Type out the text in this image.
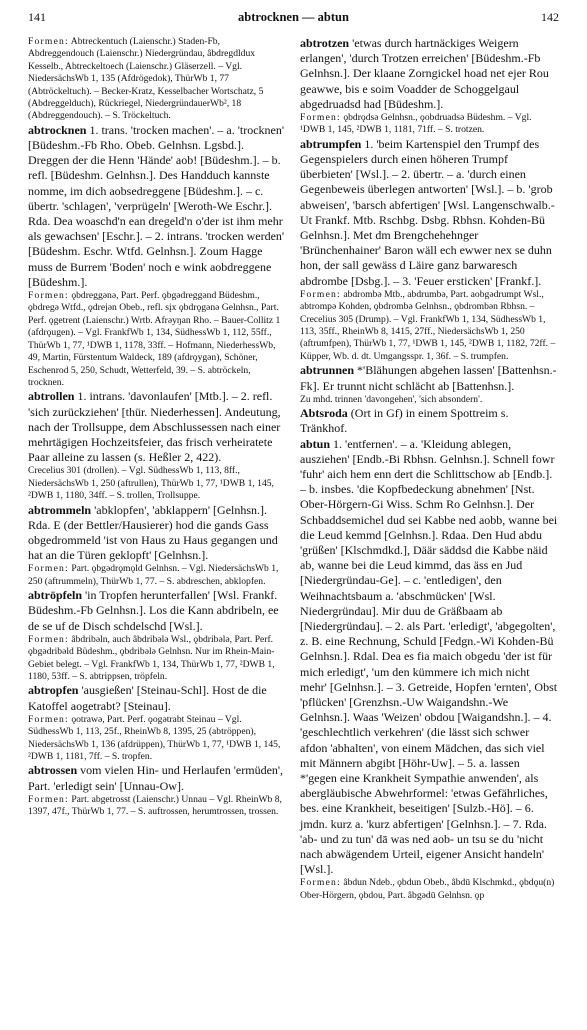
141	abtrocknen — abtun	142

Formen: Abtreckentuch (Laienschr.) Staden-Fb, Abdreggendouch (Laienschr.) Niedergründau, âbdregdldux Kesselb., Abtreckeltoech (Laienschr.) Gläserzell. – Vgl. NiedersächsWb 1, 135 (Afdrögedok), ThürWb 1, 77 (Abtröckeltuch). – Becker-Kratz, Kesselbacher Wortschatz, 5 (Abdreggelduch), Rückriegel, NiedergründauerWb², 18 (Abdreggendouch). – S. Tröckeltuch.

abtrocknen 1. trans. 'trocken machen'. – a. 'trocknen' [Büdeshm.-Fb Rho. Obeb. Gelnhsn. Lgsbd.]. Dreggen der die Henn 'Hände' aob! [Büdeshm.]. – b. refl. [Büdeshm. Gelnhsn.]. Des Handduch kannste nomme, im dich aobsedreggene [Büdeshm.]. – c. übertr. 'schlagen', 'verprügeln' [Weroth-We Eschr.]. Rda. Dea woaschd'n ean dregeld'n o'der ist ihm mehr als gewachsen' [Eschr.]. – 2. intrans. 'trocken werden' [Büdeshm. Eschr. Wtfd. Gelnhsn.]. Zoum Hagge muss de Burrem 'Boden' noch e wink aobdreggene [Büdeshm.].

Formen: ǫbdreggənə, Part. Perf. ǫbgədreggənd Büdeshm., ǫbdregə Wtfd., ǫdrejən Obeb., refl. sįx ǫbdrǫgənə Gelnhsn., Part. Perf. ǫgetrent (Laienschr.) Wrtb. Afrəyŋan Rho. – Bauer-Collitz 1 (afdrǫugen). – Vgl. FrankfWb 1, 134, SüdhessWb 1, 112, 55ff., ThürWb 1, 77, ¹DWB 1, 1178, 33ff. – Hofmann, NiederhessWb, 49, Martin, Fürstentum Waldeck, 189 (afdrǫygən), Schöner, Eschenrod 5, 250, Schudt, Wetterfeld, 39. – S. abtröckeln, trocknen.

abtrollen 1. intrans. 'davonlaufen' [Mtb.]. – 2. refl. 'sich zurückziehen' [thür. Niederhessen]. Andeutung, nach der Trollsuppe, dem Abschlussessen nach einer mehrtägigen Hochzeitsfeier, das frisch verheiratete Paar alleine zu lassen (s. Heßler 2, 422).

Crecelius 301 (drollen). – Vgl. SüdhessWb 1, 113, 8ff., NiedersächsWb 1, 250 (aftrullen), ThürWb 1, 77, ¹DWB 1, 145, ²DWB 1, 1180, 34ff. – S. trollen, Trollsuppe.

abtrommeln 'abklopfen', 'abklappern' [Gelnhsn.]. Rda. E (der Bettler/Hausierer) hod die gands Gass obgedrommeld 'ist von Haus zu Haus gegangen und hat an die Türen geklopft' [Gelnhsn.].

Formen: Part. ǫbgədrǫmǫld Gelnhsn. – Vgl. NiedersächsWb 1, 250 (aftrummeln), ThürWb 1, 77. – S. abdreschen, abklopfen.

abtröpfeln 'in Tropfen herunterfallen' [Wsl. Frankf. Büdeshm.-Fb Gelnhsn.]. Los die Kann abdribeln, ee de se uf de Disch schdelschd [Wsl.].

Formen: âbdribəln, auch âbdribələ Wsl., ǫbdribələ, Part. Perf. ǫbgədribəld Büdeshm., ǫbdribələ Gelnhsn. Nur im Rhein-Main-Gebiet belegt. – Vgl. FrankfWb 1, 134, ThürWb 1, 77, ²DWB 1, 1180, 53ff. – S. abtrippsen, tröpfeln.

abtropfen 'ausgießen' [Steinau-Schl]. Host de die Katoffel aogetrabt? [Steinau].

Formen: ǫotrawə, Part. Perf. ǫogətrabt Steinau – Vgl. SüdhessWb 1, 113, 25f., RheinWb 8, 1395, 25 (abtröppen), NiedersächsWb 1, 136 (afdrüppen), ThürWb 1, 77, ¹DWB 1, 145, ²DWB 1, 1181, 7ff. – S. tropfen.

abtrossen vom vielen Hin- und Herlaufen 'ermüden', Part. 'erledigt sein' [Unnau-Ow].

Formen: Part. abgetrosst (Laienschr.) Unnau – Vgl. RheinWb 8, 1397, 47f., ThürWb 1, 77. – S. auftrossen, herumtrossen, trossen.

abtrotzen 'etwas durch hartnäckiges Weigern erlangen', 'durch Trotzen erreichen' [Büdeshm.-Fb Gelnhsn.]. Der klaane Zorngickel hoad net ejer Rou geawwe, bis e soim Voadder de Schoggelgaul abgedruadsd had [Büdeshm.].

Formen: ǫbdrǫdsə Gelnhsn., ǫobdruadsə Büdeshm. – Vgl. ¹DWB 1, 145, ²DWB 1, 1181, 71ff. – S. trotzen.

abtrumpfen 1. 'beim Kartenspiel den Trumpf des Gegenspielers durch einen höheren Trumpf überbieten' [Wsl.]. – 2. übertr. – a. 'durch einen Gegenbeweis überlegen antworten' [Wsl.]. – b. 'grob abweisen', 'barsch abfertigen' [Wsl. Langenschwalb.-Ut Frankf. Mtb. Rschbg. Dsbg. Rbhsn. Kohden-Bü Gelnhsn.]. Met dm Brengchehehnger 'Brünchenhainer' Baron wäll ech ewwer nex se duhn hon, der sall gewäss d Läire ganz barwaresch abdrombe [Dsbg.]. – 3. 'Feuer ersticken' [Frankf.].

Formen: abdrombə Mtb., abdrumbə, Part. aobgədrumpt Wsl., abtrompə Kohden, ǫbdrombə Gelnhsn., ǫbdrombən Rbhsn. – Crecelius 305 (Drump). – Vgl. FrankfWb 1, 134, SüdhessWb 1, 113, 35ff., RheinWb 8, 1415, 27ff., NiedersächsWb 1, 250 (aftrumfpen), ThürWb 1, 77, ¹DWB 1, 145, ²DWB 1, 1182, 72ff. – Küpper, Wb. d. dt. Umgangsspr. 1, 36f. – S. trumpfen.

abtrunnen *'Blähungen abgehen lassen' [Battenhsn.-Fk]. Er trunnt nicht schlächt ab [Battenhsn.].

Zu mhd. trinnen 'davongehen', 'sich absondern'.

Abtsroda (Ort in Gf) in einem Spottreim s. Tränkhof.

abtun 1. 'entfernen'. – a. 'Kleidung ablegen, ausziehen' [Endb.-Bi Rbhsn. Gelnhsn.]. Schnell fowr 'fuhr' aich hem enn dert die Schlittschow ab [Endb.]. – b. insbes. 'die Kopfbedeckung abnehmen' [Nst. Ober-Hörgern-Gi Wiss. Schm Ro Gelnhsn.]. Der Schbaddsemichel dud sei Kabbe ned aobb, wanne bei die Leud kemmd [Gelnhsn.]. Rdaa. Den Hud abdu 'grüßen' [Klschmdkd.], Däär säddsd die Kabbe näid ab, wanne bei die Leud kimmd, das äss en Jud [Niedergründau-Ge]. – c. 'entledigen', den Weihnachtsbaum a. 'abschmücken' [Wsl. Niedergründau]. Mir duu de Gräßbaam ab [Niedergründau]. – 2. als Part. 'erledigt', 'abgegolten', z. B. eine Rechnung, Schuld [Fedgn.-Wi Kohden-Bü Gelnhsn.]. Rdal. Dea es fia maich obgedu 'der ist für mich erledigt', 'um den kümmere ich mich nicht mehr' [Gelnhsn.]. – 3. Getreide, Hopfen 'ernten', Obst 'pflücken' [Grenzhsn.-Uw Waigandshn.-We Gelnhsn.]. Waas 'Weizen' obdou [Waigandshn.]. – 4. 'geschlechtlich verkehren' (die lässt sich schwer afdon 'abhalten', von einem Mädchen, das sich viel mit Männern abgibt [Höhr-Uw]. – 5. a. lassen *'gegen eine Krankheit Sympathie anwenden', als abergläubische Abwehrformel: 'etwas Gefährliches, bes. eine Krankheit, beseitigen' [Sulzb.-Hö]. – 6. jmdn. kurz a. 'kurz abfertigen' [Gelnhsn.]. – 7. Rda. 'ab- und zu tun' dā was ned aob- un tsu se du 'nicht nach abwägendem Urteil, eigener Ansicht handeln' [Wsl.].

Formen: âbdun Ndeb., ǫbdun Obeb., âbdū Klschmkd., ǫbdǫu(n) Ober-Hörgern, ǫbdou, Part. âbgədū Gelnhsn. ǫp
